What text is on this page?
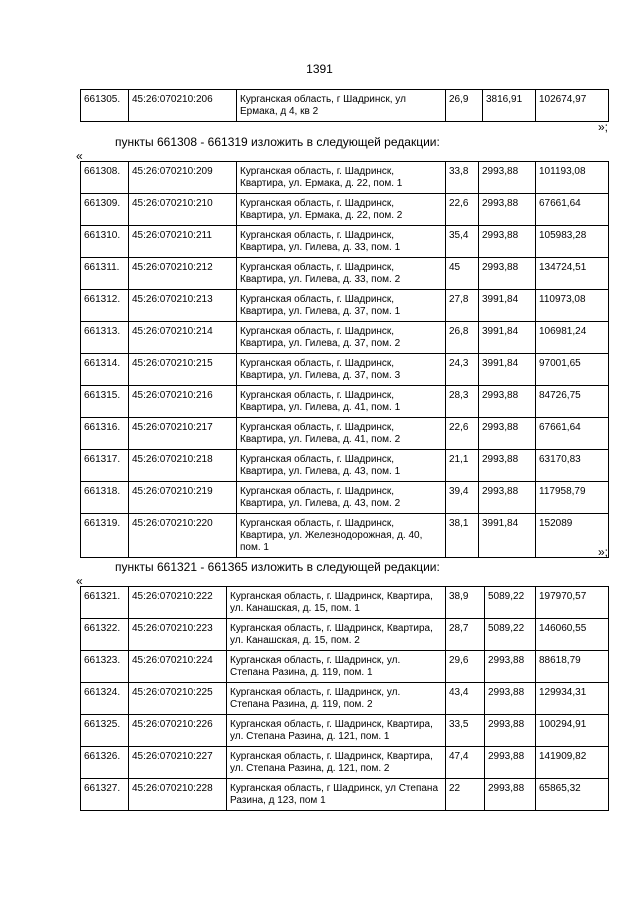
1391
661305.	45:26:070210:206	Курганская область, г Шадринск, ул Ермака, д 4, кв 2	26,9	3816,91	102674,97
»;
пункты 661308 - 661319 изложить в следующей редакции:
«
661308.	45:26:070210:209	Курганская область, г. Шадринск, Квартира, ул. Ермака, д. 22, пом. 1	33,8	2993,88	101193,08
661309.	45:26:070210:210	Курганская область, г. Шадринск, Квартира, ул. Ермака, д. 22, пом. 2	22,6	2993,88	67661,64
661310.	45:26:070210:211	Курганская область, г. Шадринск, Квартира, ул. Гилева, д. 33, пом. 1	35,4	2993,88	105983,28
661311.	45:26:070210:212	Курганская область, г. Шадринск, Квартира, ул. Гилева, д. 33, пом. 2	45	2993,88	134724,51
661312.	45:26:070210:213	Курганская область, г. Шадринск, Квартира, ул. Гилева, д. 37, пом. 1	27,8	3991,84	110973,08
661313.	45:26:070210:214	Курганская область, г. Шадринск, Квартира, ул. Гилева, д. 37, пом. 2	26,8	3991,84	106981,24
661314.	45:26:070210:215	Курганская область, г. Шадринск, Квартира, ул. Гилева, д. 37, пом. 3	24,3	3991,84	97001,65
661315.	45:26:070210:216	Курганская область, г. Шадринск, Квартира, ул. Гилева, д. 41, пом. 1	28,3	2993,88	84726,75
661316.	45:26:070210:217	Курганская область, г. Шадринск, Квартира, ул. Гилева, д. 41, пом. 2	22,6	2993,88	67661,64
661317.	45:26:070210:218	Курганская область, г. Шадринск, Квартира, ул. Гилева, д. 43, пом. 1	21,1	2993,88	63170,83
661318.	45:26:070210:219	Курганская область, г. Шадринск, Квартира, ул. Гилева, д. 43, пом. 2	39,4	2993,88	117958,79
661319.	45:26:070210:220	Курганская область, г. Шадринск, Квартира, ул. Железнодорожная, д. 40, пом. 1	38,1	3991,84	152089
»;
пункты 661321 - 661365 изложить в следующей редакции:
«
661321.	45:26:070210:222	Курганская область, г. Шадринск, Квартира, ул. Канашская, д. 15, пом. 1	38,9	5089,22	197970,57
661322.	45:26:070210:223	Курганская область, г. Шадринск, Квартира, ул. Канашская, д. 15, пом. 2	28,7	5089,22	146060,55
661323.	45:26:070210:224	Курганская область, г. Шадринск, ул. Степана Разина, д. 119, пом. 1	29,6	2993,88	88618,79
661324.	45:26:070210:225	Курганская область, г. Шадринск, ул. Степана Разина, д. 119, пом. 2	43,4	2993,88	129934,31
661325.	45:26:070210:226	Курганская область, г. Шадринск, Квартира, ул. Степана Разина, д. 121, пом. 1	33,5	2993,88	100294,91
661326.	45:26:070210:227	Курганская область, г. Шадринск, Квартира, ул. Степана Разина, д. 121, пом. 2	47,4	2993,88	141909,82
661327.	45:26:070210:228	Курганская область, г Шадринск, ул Степана Разина, д 123, пом 1	22	2993,88	65865,32
